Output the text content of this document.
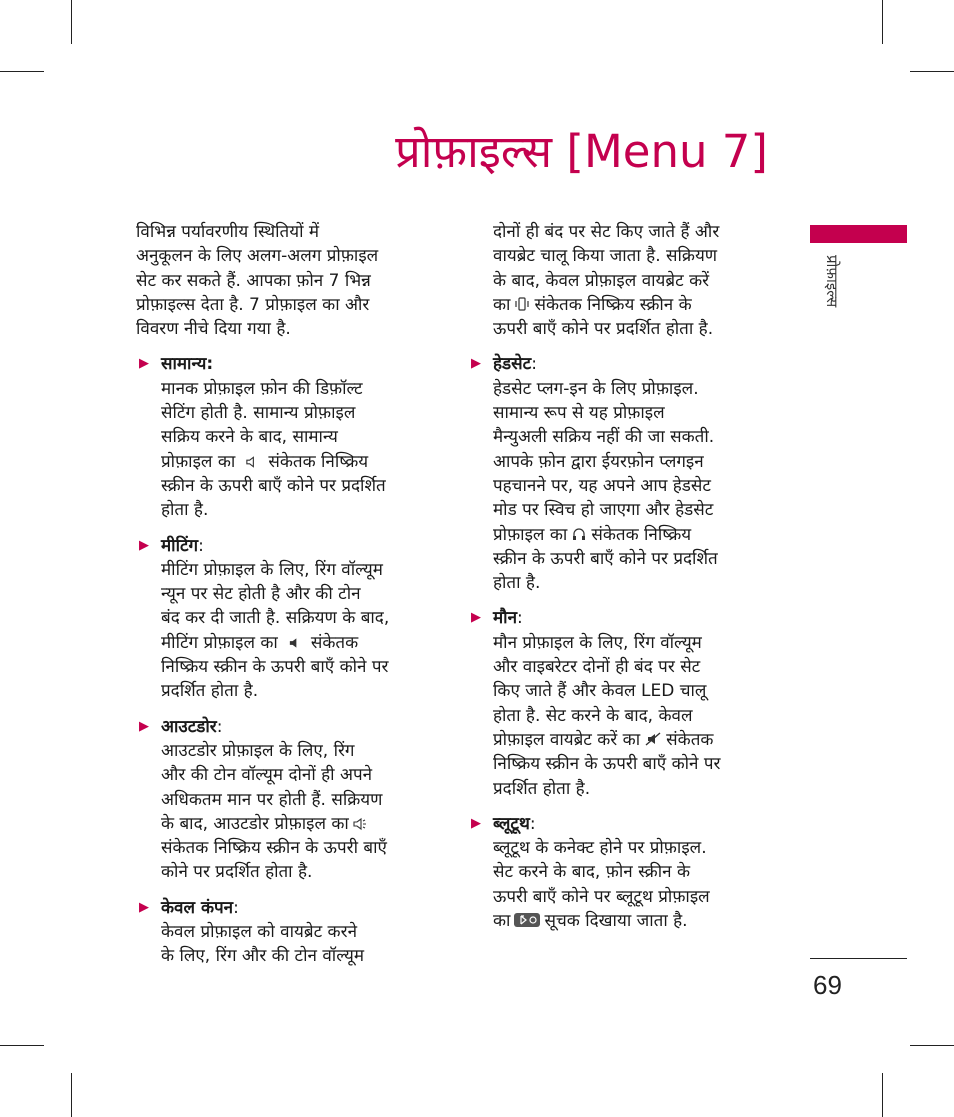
प्रोफ़ाइल्स [Menu 7]

विभिन्न पर्यावरणीय स्थितियों में
अनुकूलन के लिए अलग-अलग प्रोफ़ाइल
सेट कर सकते हैं. आपका फ़ोन 7 भिन्न
प्रोफ़ाइल्स देता है. 7 प्रोफ़ाइल का और
विवरण नीचे दिया गया है.

▶ सामान्य:
मानक प्रोफ़ाइल फ़ोन की डिफ़ॉल्ट
सेटिंग होती है. सामान्य प्रोफ़ाइल
सक्रिय करने के बाद, सामान्य
प्रोफ़ाइल का संकेतक निष्क्रिय
स्क्रीन के ऊपरी बाएँ कोने पर प्रदर्शित
होता है.
▶ मीटिंग:
मीटिंग प्रोफ़ाइल के लिए, रिंग वॉल्यूम
न्यून पर सेट होती है और की टोन
बंद कर दी जाती है. सक्रियण के बाद,
मीटिंग प्रोफ़ाइल का संकेतक
निष्क्रिय स्क्रीन के ऊपरी बाएँ कोने पर
प्रदर्शित होता है.
▶ आउटडोर:
आउटडोर प्रोफ़ाइल के लिए, रिंग
और की टोन वॉल्यूम दोनों ही अपने
अधिकतम मान पर होती हैं. सक्रियण
के बाद, आउटडोर प्रोफ़ाइल का
संकेतक निष्क्रिय स्क्रीन के ऊपरी बाएँ
कोने पर प्रदर्शित होता है.
▶ केवल कंपन:
केवल प्रोफ़ाइल को वायब्रेट करने
के लिए, रिंग और की टोन वॉल्यूम
दोनों ही बंद पर सेट किए जाते हैं और
वायब्रेट चालू किया जाता है. सक्रियण
के बाद, केवल प्रोफ़ाइल वायब्रेट करें
का संकेतक निष्क्रिय स्क्रीन के
ऊपरी बाएँ कोने पर प्रदर्शित होता है.
▶ हेडसेट:
हेडसेट प्लग-इन के लिए प्रोफ़ाइल.
सामान्य रूप से यह प्रोफ़ाइल
मैन्युअली सक्रिय नहीं की जा सकती.
आपके फ़ोन द्वारा ईयरफ़ोन प्लगइन
पहचानने पर, यह अपने आप हेडसेट
मोड पर स्विच हो जाएगा और हेडसेट
प्रोफ़ाइल का संकेतक निष्क्रिय
स्क्रीन के ऊपरी बाएँ कोने पर प्रदर्शित
होता है.
▶ मौन:
मौन प्रोफ़ाइल के लिए, रिंग वॉल्यूम
और वाइबरेटर दोनों ही बंद पर सेट
किए जाते हैं और केवल LED चालू
होता है. सेट करने के बाद, केवल
प्रोफ़ाइल वायब्रेट करें का संकेतक
निष्क्रिय स्क्रीन के ऊपरी बाएँ कोने पर
प्रदर्शित होता है.
▶ ब्लूटूथ:
ब्लूटूथ के कनेक्ट होने पर प्रोफ़ाइल.
सेट करने के बाद, फ़ोन स्क्रीन के
ऊपरी बाएँ कोने पर ब्लूटूथ प्रोफ़ाइल
का सूचक दिखाया जाता है.
प्रोफ़ाइल्स
69
